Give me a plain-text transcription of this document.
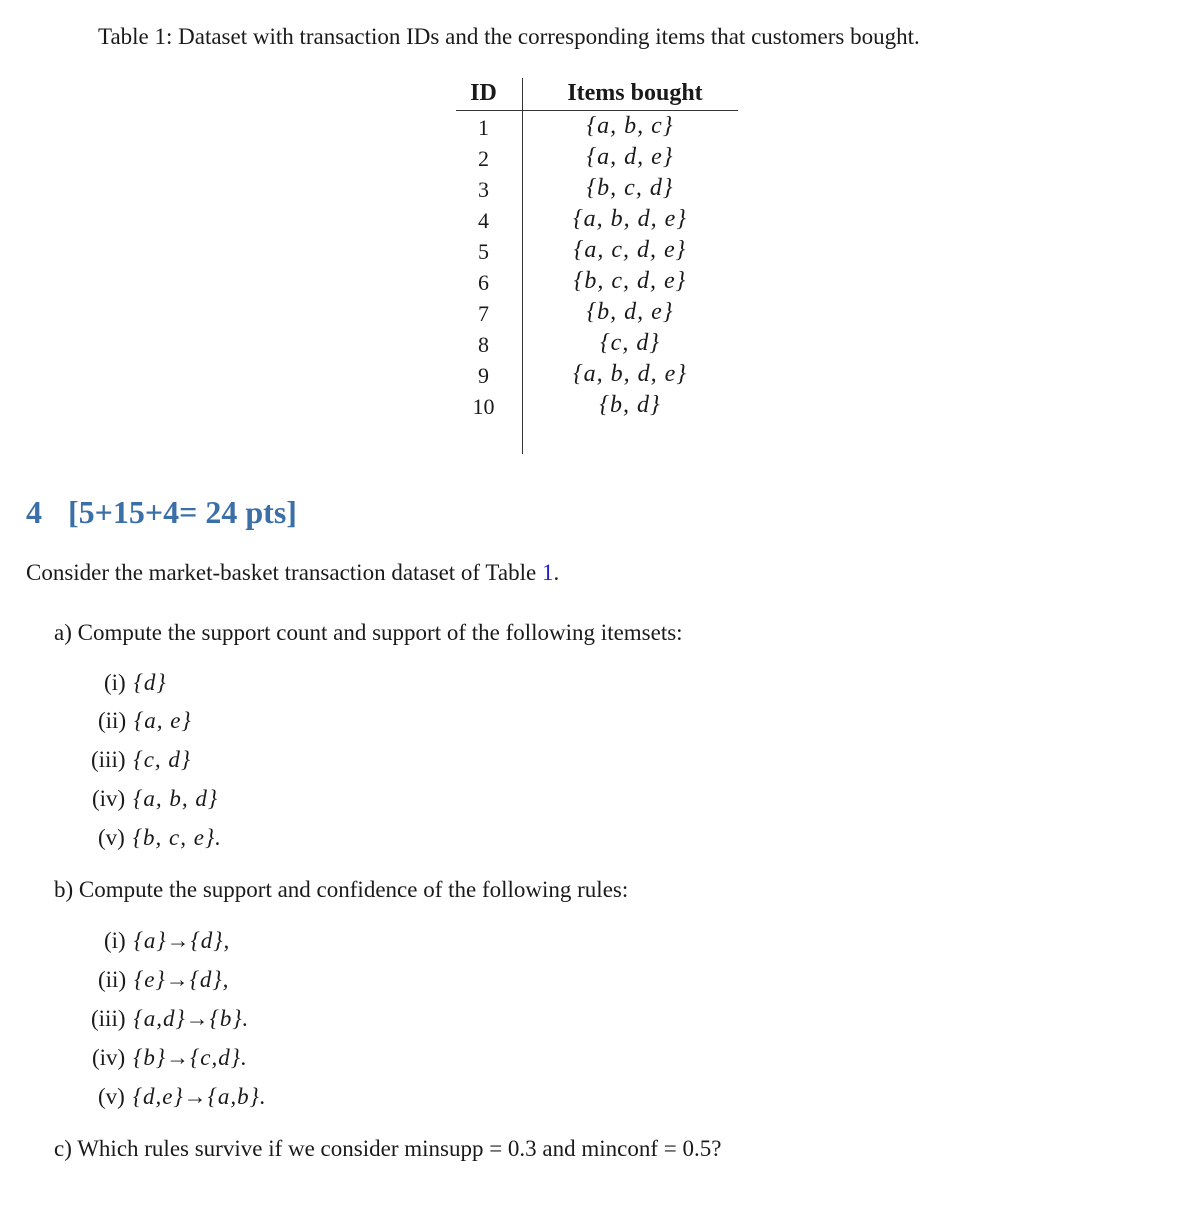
Table 1: Dataset with transaction IDs and the corresponding items that customers bought.
ID	Items bought
1	{a, b, c}
2	{a, d, e}
3	{b, c, d}
4	{a, b, d, e}
5	{a, c, d, e}
6	{b, c, d, e}
7	{b, d, e}
8	{c, d}
9	{a, b, d, e}
10	{b, d}
4 [5+15+4= 24 pts]
Consider the market-basket transaction dataset of Table 1.
a) Compute the support count and support of the following itemsets:
(i) {d}
(ii) {a, e}
(iii) {c, d}
(iv) {a, b, d}
(v) {b, c, e}.
b) Compute the support and confidence of the following rules:
(i) {a}→{d},
(ii) {e}→{d},
(iii) {a,d}→{b}.
(iv) {b}→{c,d}.
(v) {d,e}→{a,b}.
c) Which rules survive if we consider minsupp = 0.3 and minconf = 0.5?
